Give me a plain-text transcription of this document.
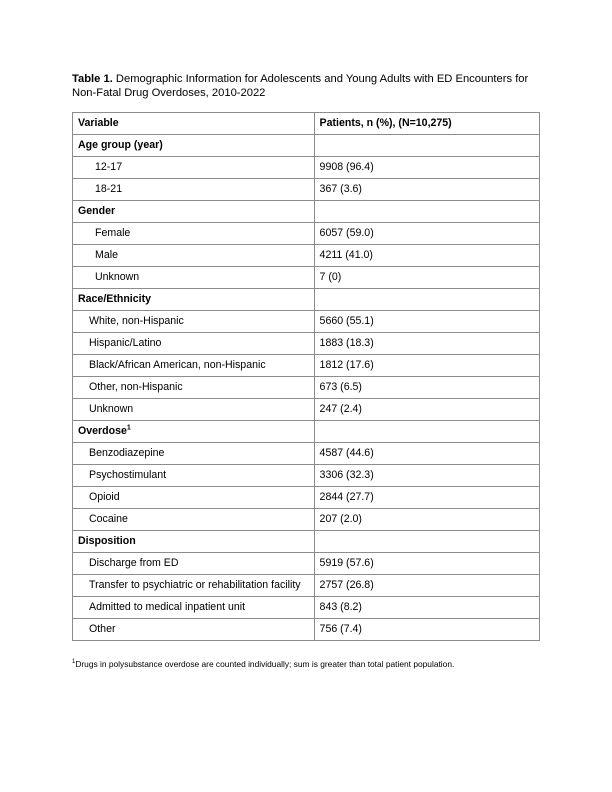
Table 1. Demographic Information for Adolescents and Young Adults with ED Encounters for Non-Fatal Drug Overdoses, 2010-2022
Variable	Patients, n (%), (N=10,275)
Age group (year)	
12-17	9908 (96.4)
18-21	367 (3.6)
Gender	
Female	6057 (59.0)
Male	4211 (41.0)
Unknown	7 (0)
Race/Ethnicity	
White, non-Hispanic	5660 (55.1)
Hispanic/Latino	1883 (18.3)
Black/African American, non-Hispanic	1812 (17.6)
Other, non-Hispanic	673 (6.5)
Unknown	247 (2.4)
Overdose$^1$	
Benzodiazepine	4587 (44.6)
Psychostimulant	3306 (32.3)
Opioid	2844 (27.7)
Cocaine	207 (2.0)
Disposition	
Discharge from ED	5919 (57.6)
Transfer to psychiatric or rehabilitation facility	2757 (26.8)
Admitted to medical inpatient unit	843 (8.2)
Other	756 (7.4)
$^1$Drugs in polysubstance overdose are counted individually; sum is greater than total patient population.
